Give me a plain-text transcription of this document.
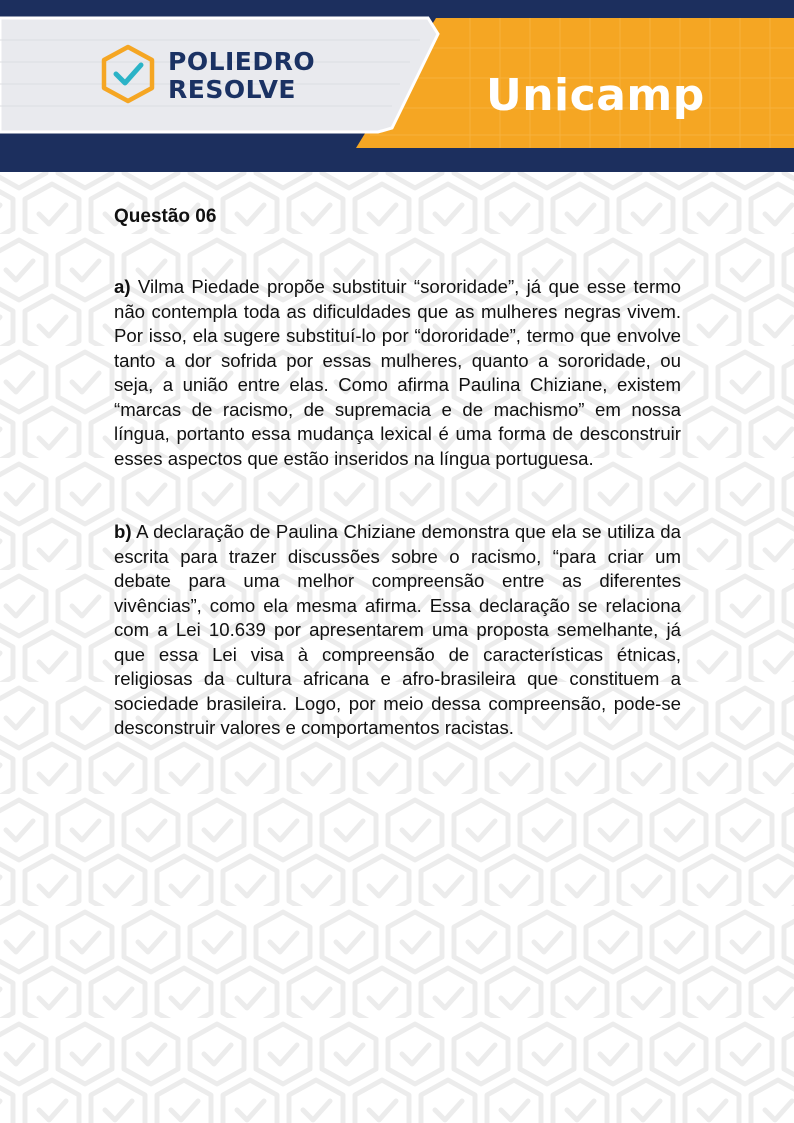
POLIEDRO
RESOLVE	Unicamp
Questão 06

a) Vilma Piedade propõe substituir “sororidade”, já que esse termo não contempla toda as dificuldades que as mulheres negras vivem. Por isso, ela sugere substituí-lo por “dororidade”, termo que envolve tanto a dor sofrida por essas mulheres, quanto a sororidade, ou seja, a união entre elas. Como afirma Paulina Chiziane, existem “marcas de racismo, de supremacia e de machismo” em nossa língua, portanto essa mudança lexical é uma forma de desconstruir esses aspectos que estão inseridos na língua portuguesa.

b) A declaração de Paulina Chiziane demonstra que ela se utiliza da escrita para trazer discussões sobre o racismo, “para criar um debate para uma melhor compreensão entre as diferentes vivências”, como ela mesma afirma. Essa declaração se relaciona com a Lei 10.639 por apresentarem uma proposta semelhante, já que essa Lei visa à compreensão de características étnicas, religiosas da cultura africana e afro-brasileira que constituem a sociedade brasileira. Logo, por meio dessa compreensão, pode-se desconstruir valores e comportamentos racistas.
